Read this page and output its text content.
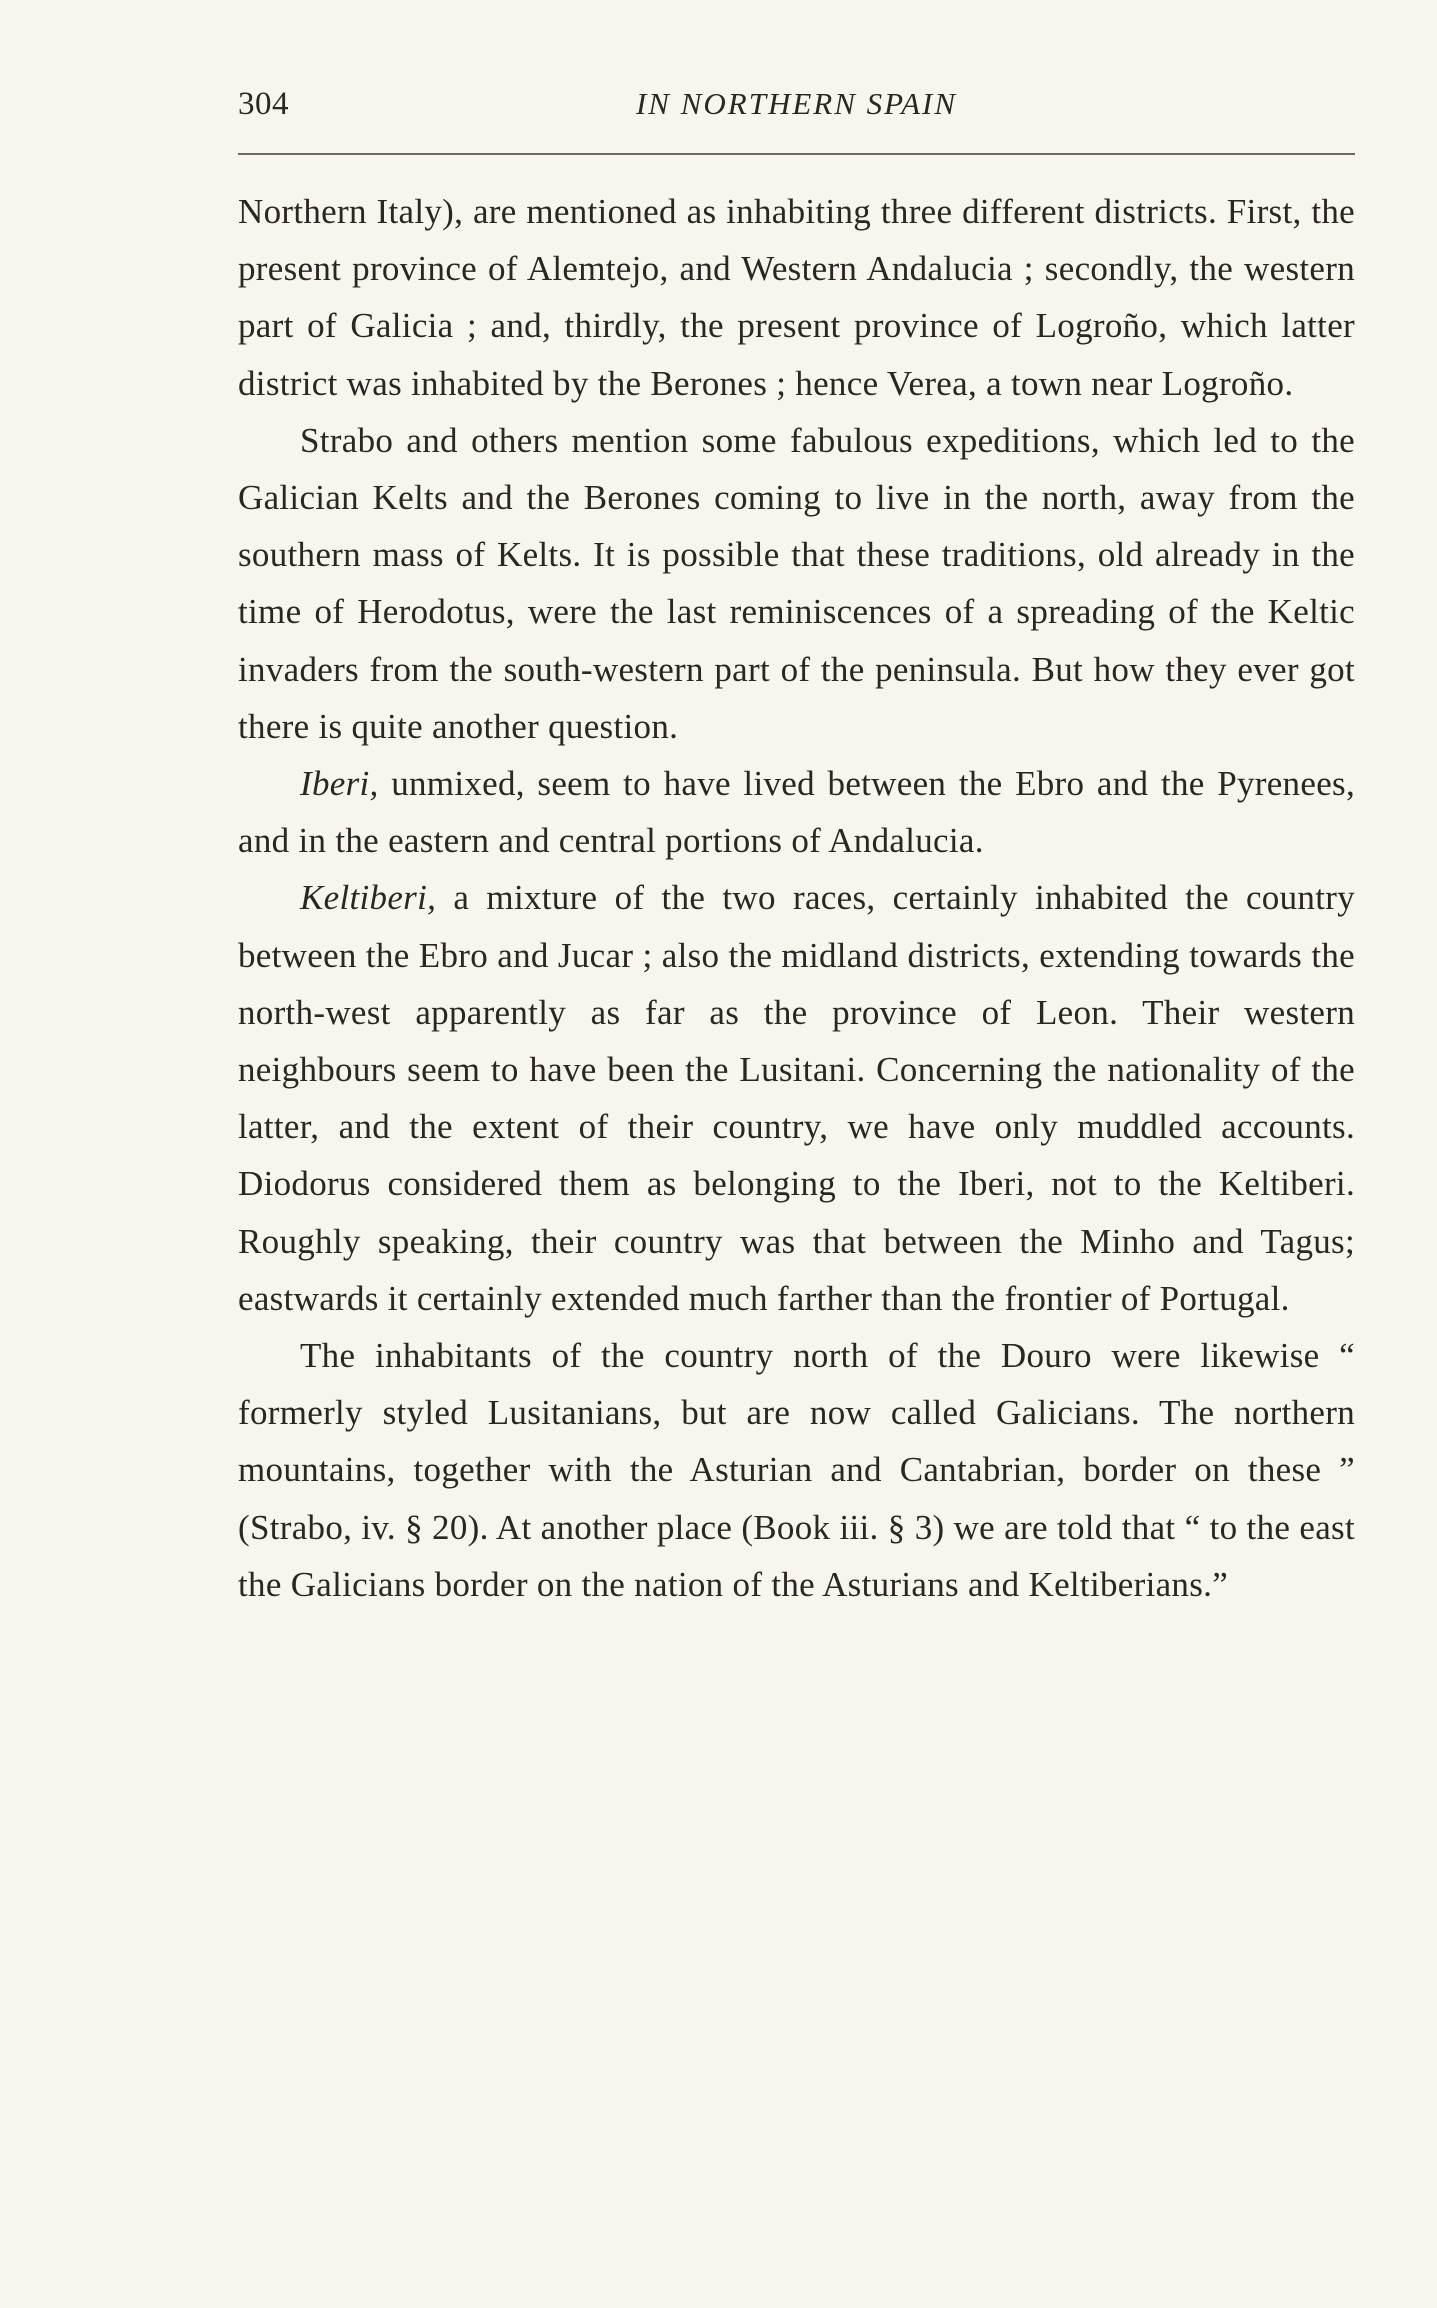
304	IN NORTHERN SPAIN

Northern Italy), are mentioned as inhabiting three different districts. First, the present province of Alemtejo, and Western Andalucia ; secondly, the western part of Galicia ; and, thirdly, the present province of Logroño, which latter district was inhabited by the Berones ; hence Verea, a town near Logroño.

Strabo and others mention some fabulous expeditions, which led to the Galician Kelts and the Berones coming to live in the north, away from the southern mass of Kelts. It is possible that these traditions, old already in the time of Herodotus, were the last reminiscences of a spreading of the Keltic invaders from the south-western part of the peninsula. But how they ever got there is quite another question.

Iberi, unmixed, seem to have lived between the Ebro and the Pyrenees, and in the eastern and central portions of Andalucia.

Keltiberi, a mixture of the two races, certainly inhabited the country between the Ebro and Jucar ; also the midland districts, extending towards the north-west apparently as far as the province of Leon. Their western neighbours seem to have been the Lusitani. Concerning the nationality of the latter, and the extent of their country, we have only muddled accounts. Diodorus considered them as belonging to the Iberi, not to the Keltiberi. Roughly speaking, their country was that between the Minho and Tagus; eastwards it certainly extended much farther than the frontier of Portugal.

The inhabitants of the country north of the Douro were likewise “ formerly styled Lusitanians, but are now called Galicians. The northern mountains, together with the Asturian and Cantabrian, border on these ” (Strabo, iv. § 20). At another place (Book iii. § 3) we are told that “ to the east the Galicians border on the nation of the Asturians and Keltiberians.”
